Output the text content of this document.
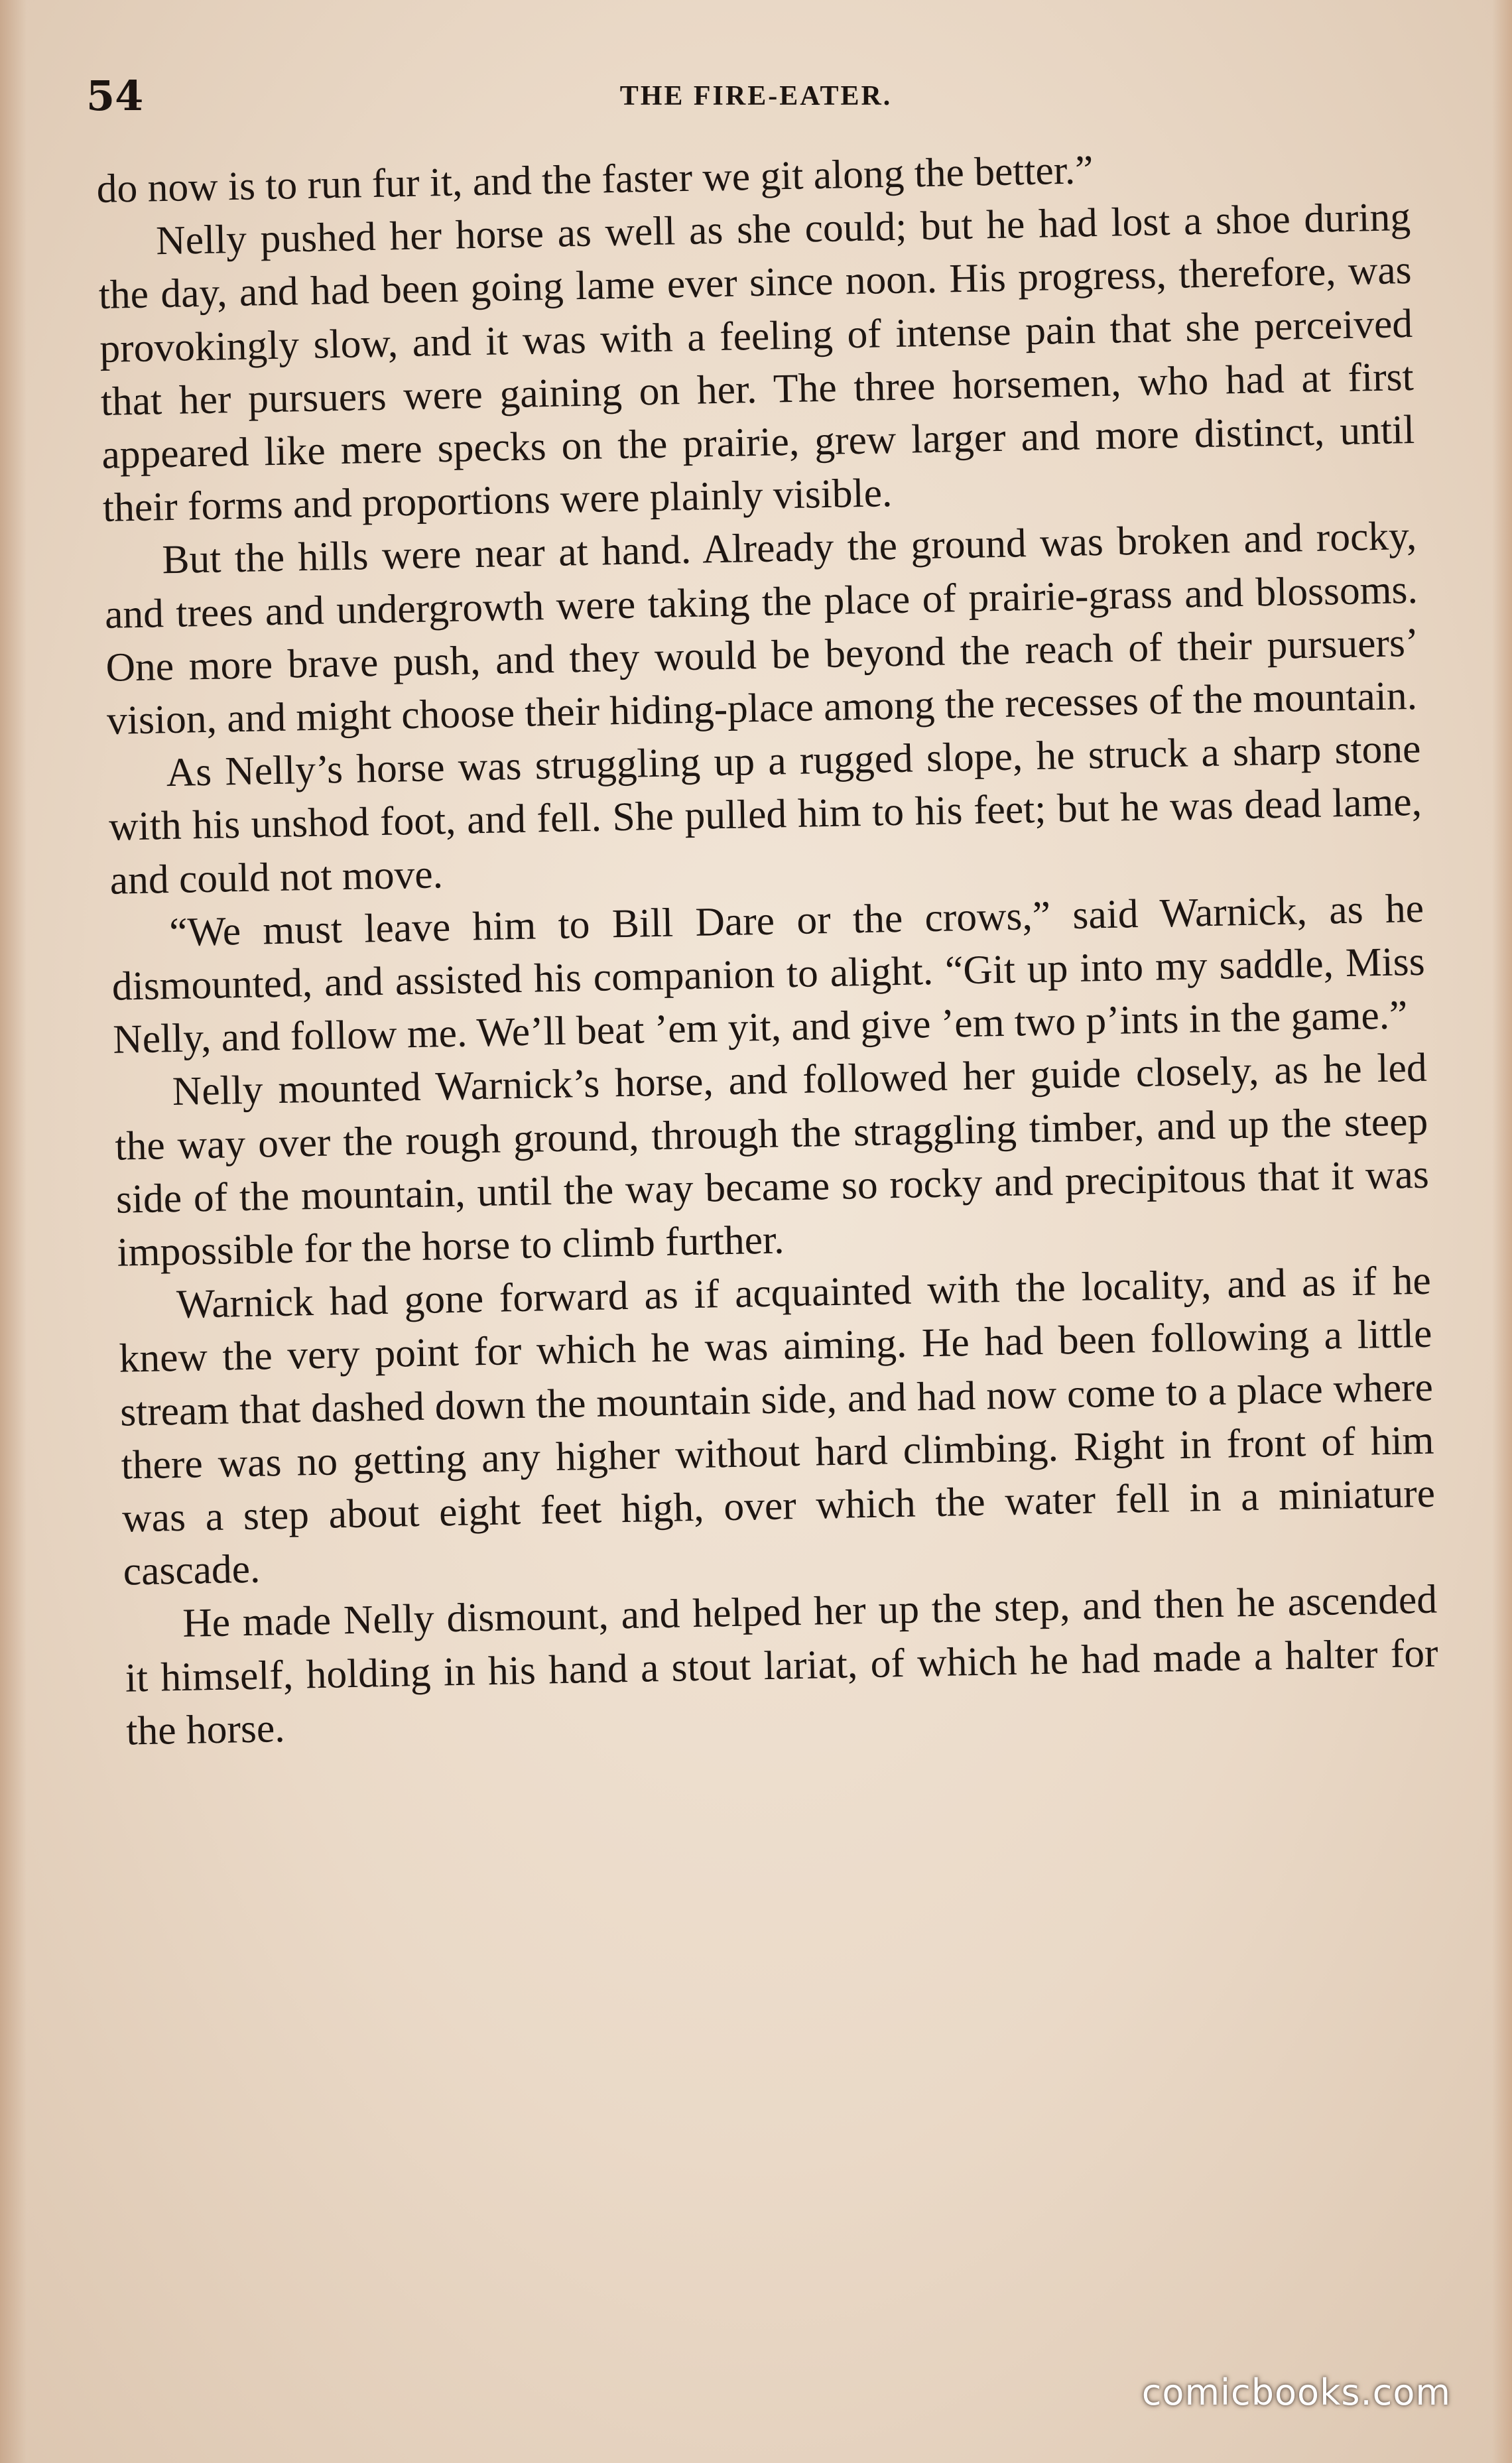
54	THE FIRE-EATER.

do now is to run fur it, and the faster we git along the better.”

Nelly pushed her horse as well as she could; but he had lost a shoe during the day, and had been going lame ever since noon. His progress, therefore, was provokingly slow, and it was with a feeling of intense pain that she perceived that her pursuers were gaining on her. The three horsemen, who had at first appeared like mere specks on the prairie, grew larger and more distinct, until their forms and proportions were plainly visible.

But the hills were near at hand. Already the ground was broken and rocky, and trees and undergrowth were taking the place of prairie-grass and blossoms. One more brave push, and they would be beyond the reach of their pursuers’ vision, and might choose their hiding-place among the recesses of the mountain.

As Nelly’s horse was struggling up a rugged slope, he struck a sharp stone with his unshod foot, and fell. She pulled him to his feet; but he was dead lame, and could not move.

“We must leave him to Bill Dare or the crows,” said Warnick, as he dismounted, and assisted his companion to alight. “Git up into my saddle, Miss Nelly, and follow me. We’ll beat ’em yit, and give ’em two p’ints in the game.”

Nelly mounted Warnick’s horse, and followed her guide closely, as he led the way over the rough ground, through the straggling timber, and up the steep side of the mountain, until the way became so rocky and precipitous that it was impossible for the horse to climb further.

Warnick had gone forward as if acquainted with the locality, and as if he knew the very point for which he was aiming. He had been following a little stream that dashed down the mountain side, and had now come to a place where there was no getting any higher without hard climbing. Right in front of him was a step about eight feet high, over which the water fell in a miniature cascade.

He made Nelly dismount, and helped her up the step, and then he ascended it himself, holding in his hand a stout lariat, of which he had made a halter for the horse.

comicbooks.com
